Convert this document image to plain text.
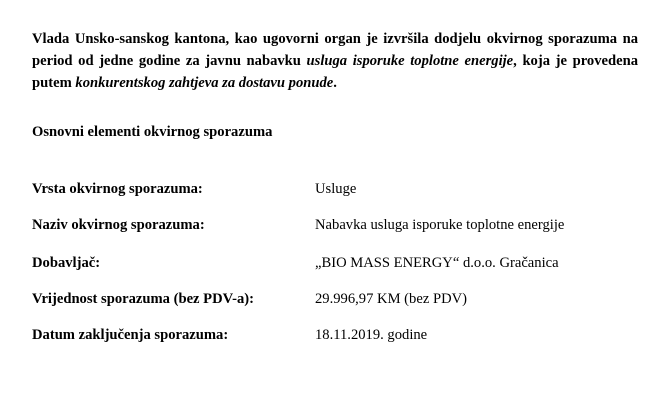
Vlada Unsko-sanskog kantona, kao ugovorni organ je izvršila dodjelu okvirnog sporazuma na period od jedne godine za javnu nabavku usluga isporuke toplotne energije, koja je provedena putem konkurentskog zahtjeva za dostavu ponude.

Osnovni elementi okvirnog sporazuma

Vrsta okvirnog sporazuma:	Usluge
Naziv okvirnog sporazuma:	Nabavka usluga isporuke toplotne energije
Dobavljač:	„BIO MASS ENERGY“ d.o.o. Gračanica
Vrijednost sporazuma (bez PDV-a):	29.996,97 KM (bez PDV)
Datum zaključenja sporazuma:	18.11.2019. godine
